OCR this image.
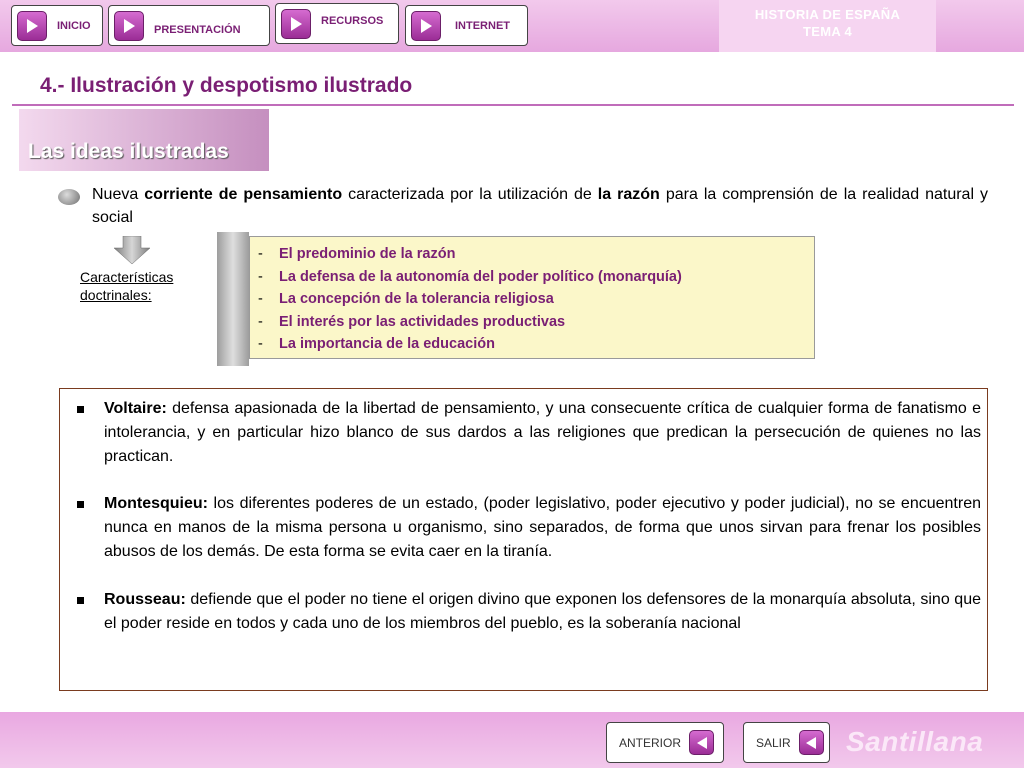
INICIO	PRESENTACIÓN
RECURSOS	INTERNET
HISTORIA DE ESPAÑA
TEMA 4
4.- Ilustración y despotismo ilustrado
Las ideas ilustradas
Nueva corriente de pensamiento caracterizada por la utilización de la razón para la comprensión de la realidad natural y social
Características
doctrinales:
- El predominio de la razón
- La defensa de la autonomía del poder político (monarquía)
- La concepción de la tolerancia religiosa
- El interés por las actividades productivas
- La importancia de la educación
Voltaire: defensa apasionada de la libertad de pensamiento, y una consecuente crítica de cualquier forma de fanatismo e intolerancia, y en particular hizo blanco de sus dardos a las religiones que predican la persecución de quienes no las practican.
Montesquieu: los diferentes poderes de un estado, (poder legislativo, poder ejecutivo y poder judicial), no se encuentren nunca en manos de la misma persona u organismo, sino separados, de forma que unos sirvan para frenar los posibles abusos de los demás. De esta forma se evita caer en la tiranía.
Rousseau: defiende que el poder no tiene el origen divino que exponen los defensores de la monarquía absoluta, sino que el poder reside en todos y cada uno de los miembros del pueblo, es la soberanía nacional
ANTERIOR	SALIR Santillana
